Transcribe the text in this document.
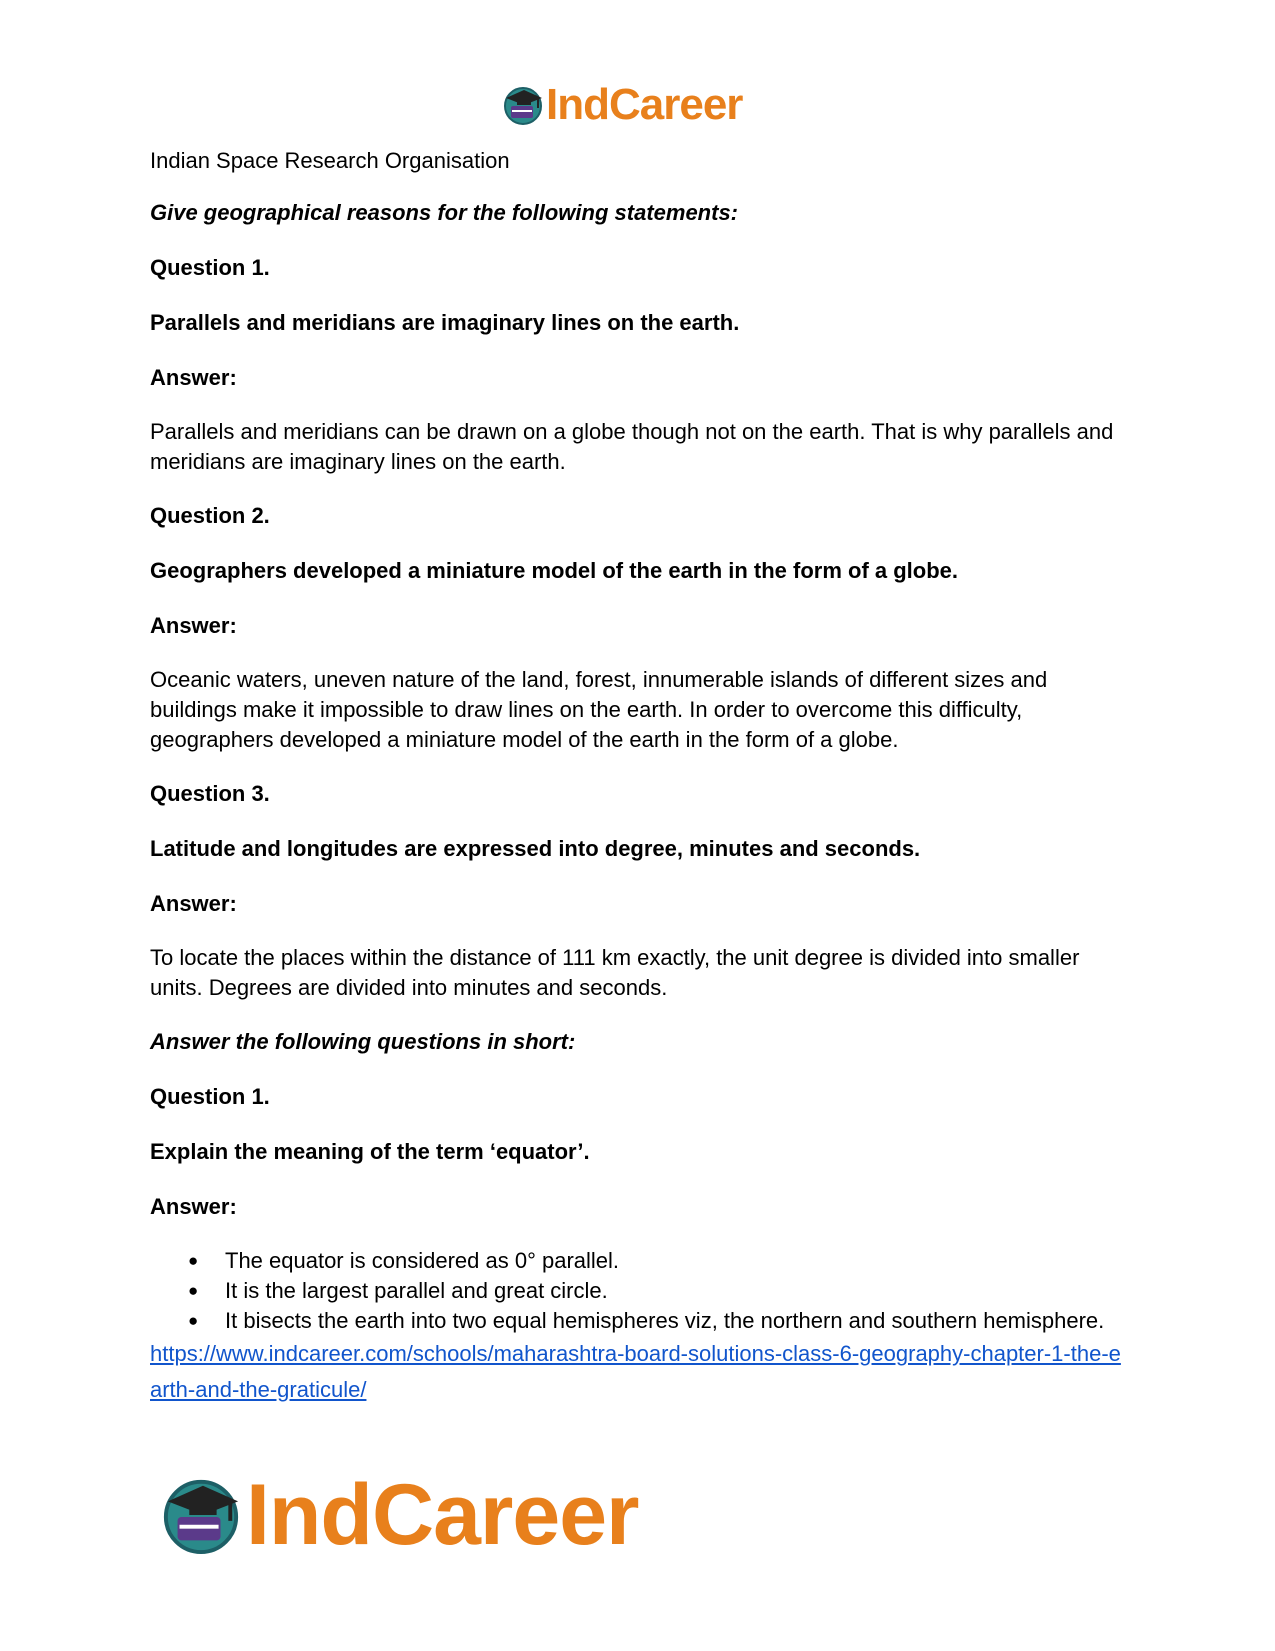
IndCareer

Indian Space Research Organisation

Give geographical reasons for the following statements:

Question 1.

Parallels and meridians are imaginary lines on the earth.

Answer:

Parallels and meridians can be drawn on a globe though not on the earth. That is why parallels and meridians are imaginary lines on the earth.

Question 2.

Geographers developed a miniature model of the earth in the form of a globe.

Answer:

Oceanic waters, uneven nature of the land, forest, innumerable islands of different sizes and buildings make it impossible to draw lines on the earth. In order to overcome this difficulty, geographers developed a miniature model of the earth in the form of a globe.

Question 3.

Latitude and longitudes are expressed into degree, minutes and seconds.

Answer:

To locate the places within the distance of 111 km exactly, the unit degree is divided into smaller units. Degrees are divided into minutes and seconds.

Answer the following questions in short:

Question 1.

Explain the meaning of the term ‘equator’.

Answer:

● The equator is considered as 0° parallel.
● It is the largest parallel and great circle.
● It bisects the earth into two equal hemispheres viz, the northern and southern hemisphere.
https://www.indcareer.com/schools/maharashtra-board-solutions-class-6-geography-chapter-1-the-earth-and-the-graticule/
IndCareer
